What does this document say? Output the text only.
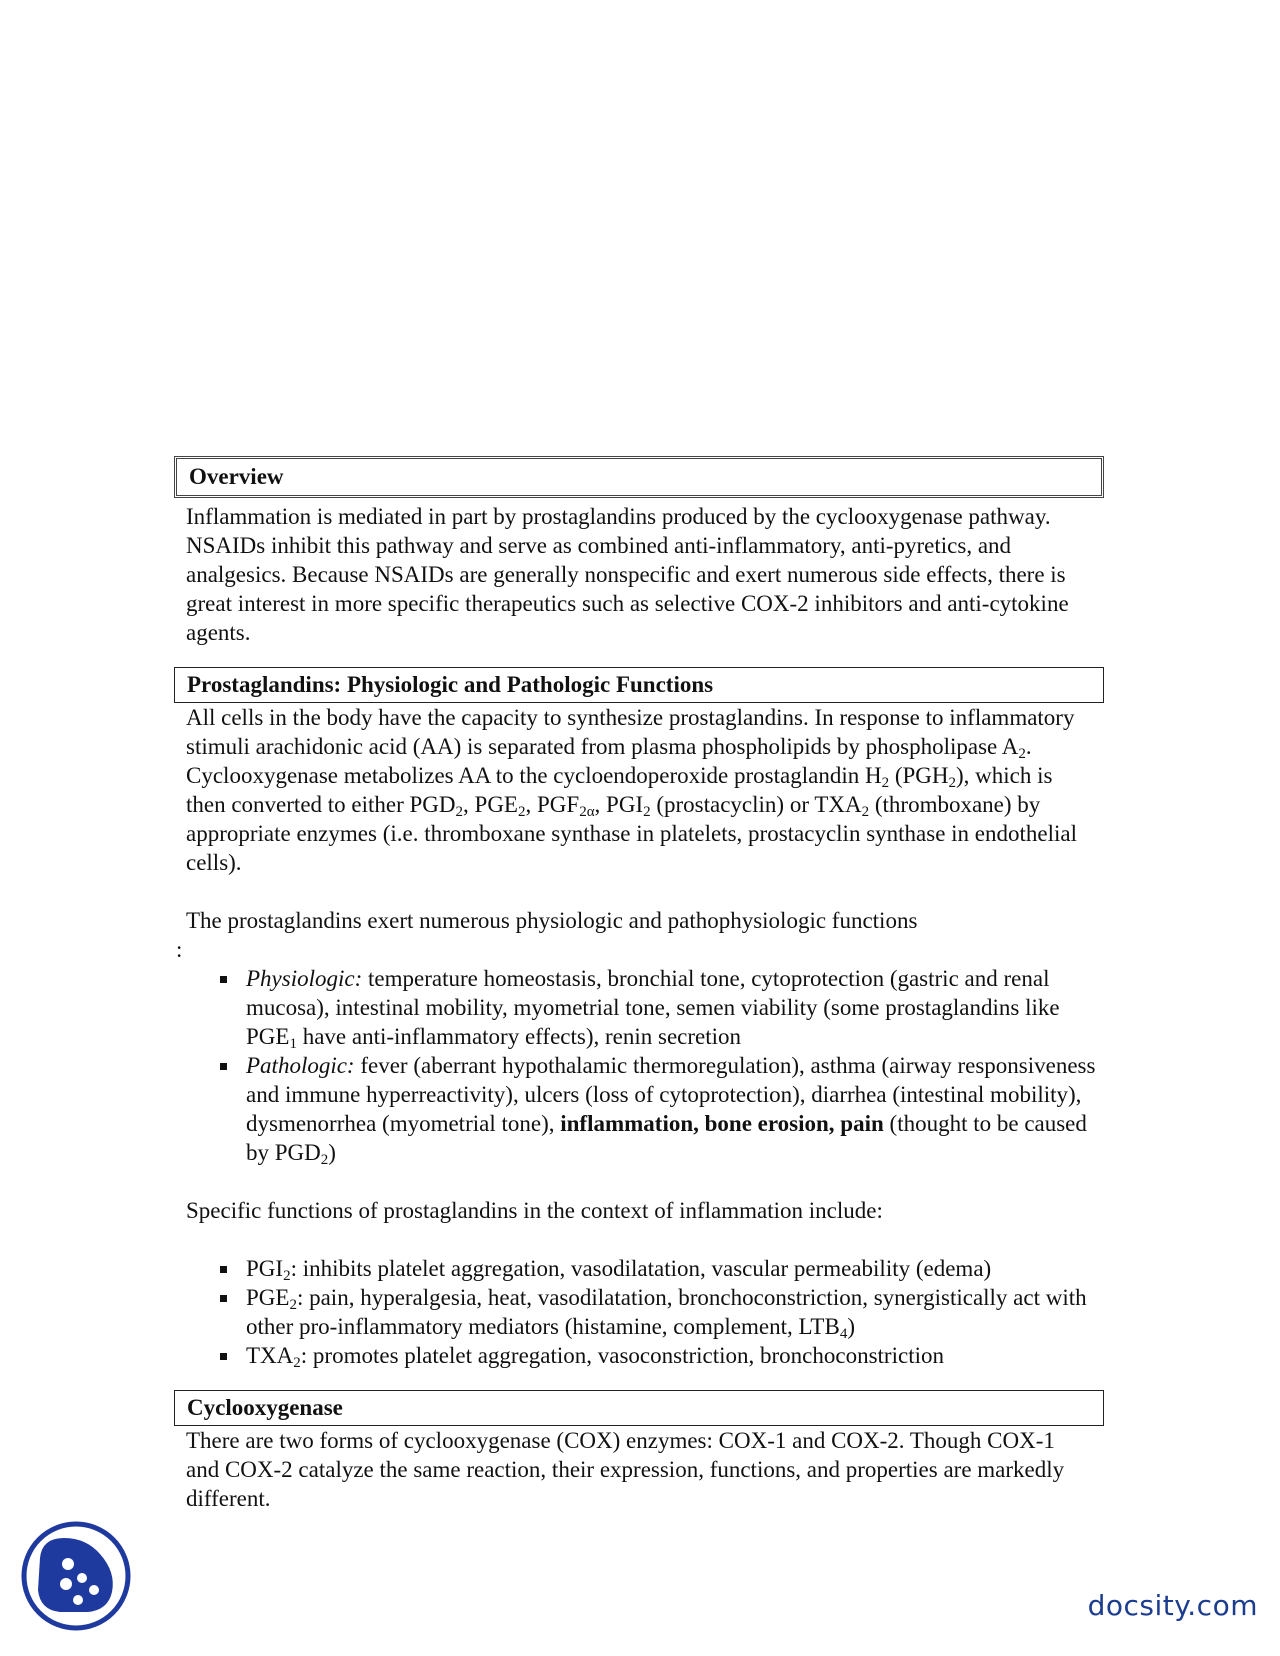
Overview

Inflammation is mediated in part by prostaglandins produced by the cyclooxygenase pathway. NSAIDs inhibit this pathway and serve as combined anti-inflammatory, anti-pyretics, and analgesics. Because NSAIDs are generally nonspecific and exert numerous side effects, there is great interest in more specific therapeutics such as selective COX-2 inhibitors and anti-cytokine agents.

Prostaglandins: Physiologic and Pathologic Functions

All cells in the body have the capacity to synthesize prostaglandins. In response to inflammatory stimuli arachidonic acid (AA) is separated from plasma phospholipids by phospholipase $A_2$. Cyclooxygenase metabolizes AA to the cycloendoperoxide prostaglandin $H_2$ $(PGH_2)$, which is then converted to either $PGD_2$, $PGE_2$, $PGF_{2\alpha}$, $PGI_2$ (prostacyclin) or $TXA_2$ (thromboxane) by appropriate enzymes (i.e. thromboxane synthase in platelets, prostacyclin synthase in endothelial cells).

The prostaglandins exert numerous physiologic and pathophysiologic functions

:

Physiologic: temperature homeostasis, bronchial tone, cytoprotection (gastric and renal mucosa), intestinal mobility, myometrial tone, semen viability (some prostaglandins like $PGE_1$ have anti-inflammatory effects), renin secretion
Pathologic: fever (aberrant hypothalamic thermoregulation), asthma (airway responsiveness and immune hyperreactivity), ulcers (loss of cytoprotection), diarrhea (intestinal mobility), dysmenorrhea (myometrial tone), inflammation, bone erosion, pain (thought to be caused by $PGD_2$)

Specific functions of prostaglandins in the context of inflammation include:

$PGI_2$: inhibits platelet aggregation, vasodilatation, vascular permeability (edema)
$PGE_2$: pain, hyperalgesia, heat, vasodilatation, bronchoconstriction, synergistically act with other pro-inflammatory mediators (histamine, complement, $LTB_4$)
$TXA_2$: promotes platelet aggregation, vasoconstriction, bronchoconstriction
Cyclooxygenase

There are two forms of cyclooxygenase (COX) enzymes: COX-1 and COX-2. Though COX-1 and COX-2 catalyze the same reaction, their expression, functions, and properties are markedly different.

docsity.com
